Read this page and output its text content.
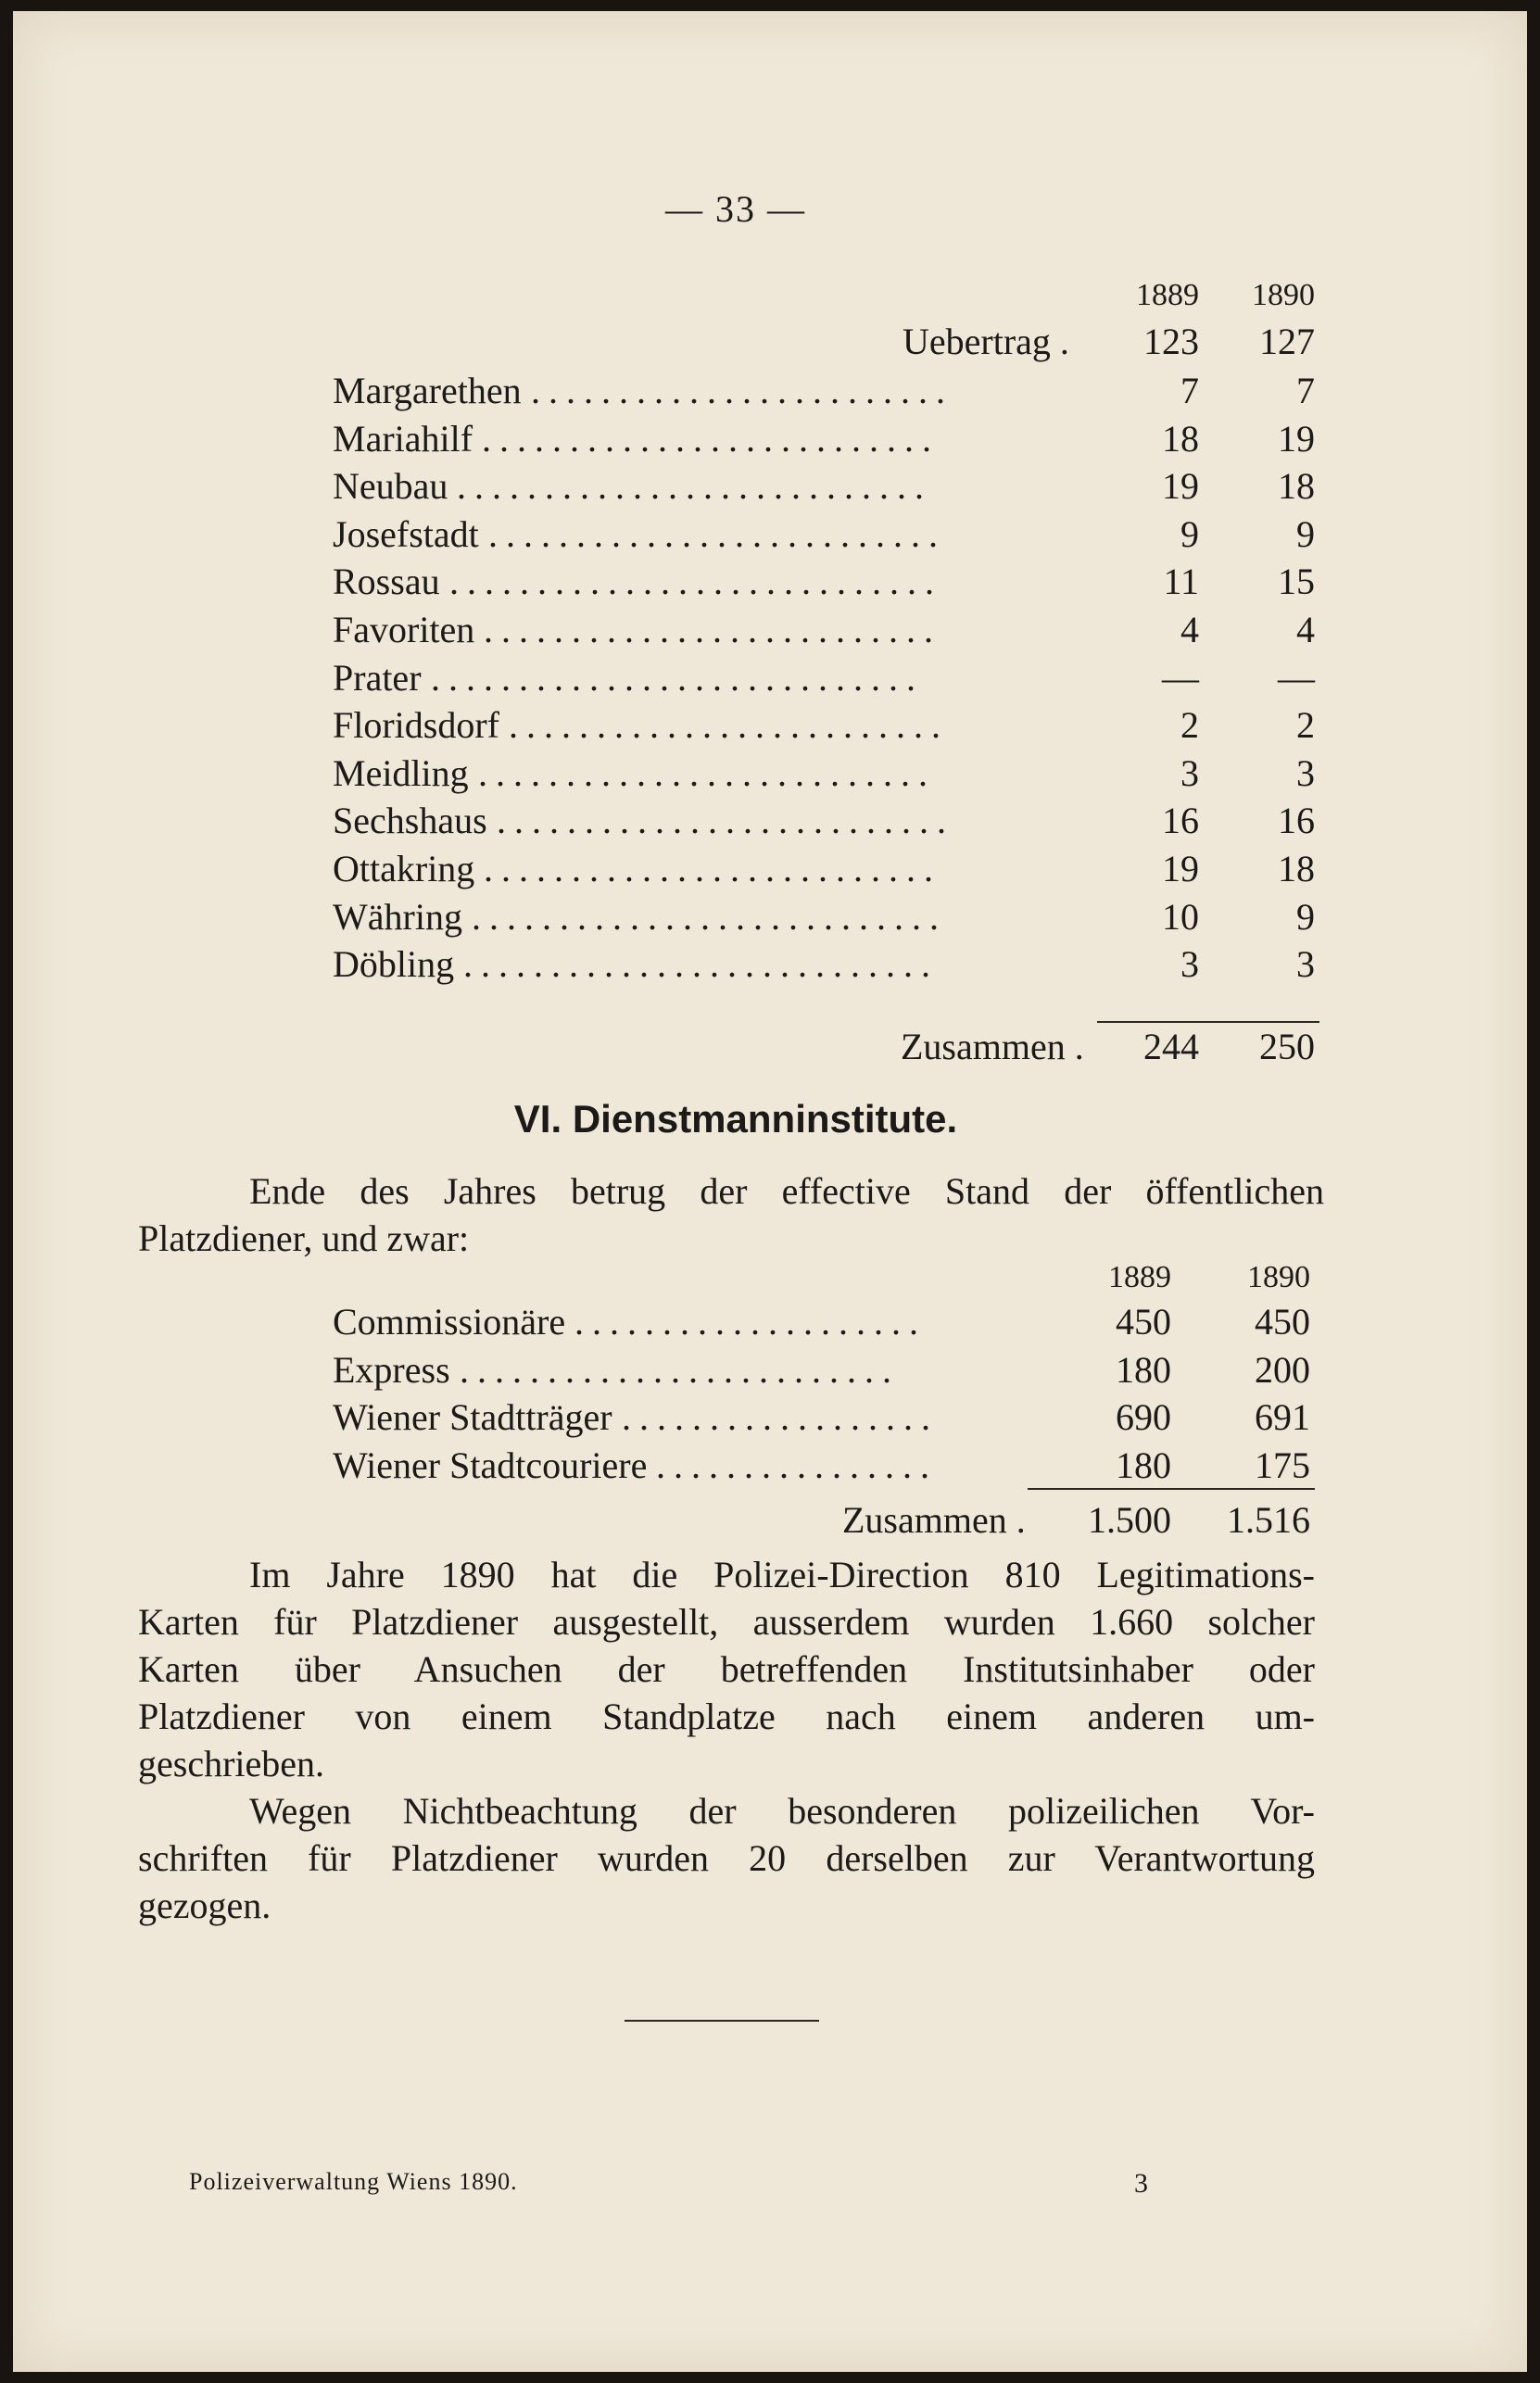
— 33 —
1889	1890
Uebertrag .	123	127
Margarethen ........................	7	7
Mariahilf ..........................	18	19
Neubau ...........................	19	18
Josefstadt ..........................	9	9
Rossau ............................	11	15
Favoriten ..........................	4	4
Prater ............................	—	—
Floridsdorf .........................	2	2
Meidling ..........................	3	3
Sechshaus ..........................	16	16
Ottakring ..........................	19	18
Währing ...........................	10	9
Döbling ...........................	3	3
Zusammen .	244	250
VI. Dienstmanninstitute.
Ende des Jahres betrug der effective Stand der öffentlichen
Platzdiener, und zwar:
1889	1890
Commissionäre ....................	450	450
Express .........................	180	200
Wiener Stadtträger ..................	690	691
Wiener Stadtcouriere ................	180	175
Zusammen .	1.500	1.516
Im Jahre 1890 hat die Polizei-Direction 810 Legitimations-
Karten für Platzdiener ausgestellt, ausserdem wurden 1.660 solcher
Karten über Ansuchen der betreffenden Institutsinhaber oder
Platzdiener von einem Standplatze nach einem anderen um-
geschrieben.
Wegen Nichtbeachtung der besonderen polizeilichen Vor-
schriften für Platzdiener wurden 20 derselben zur Verantwortung
gezogen.
Polizeiverwaltung Wiens 1890.	3
